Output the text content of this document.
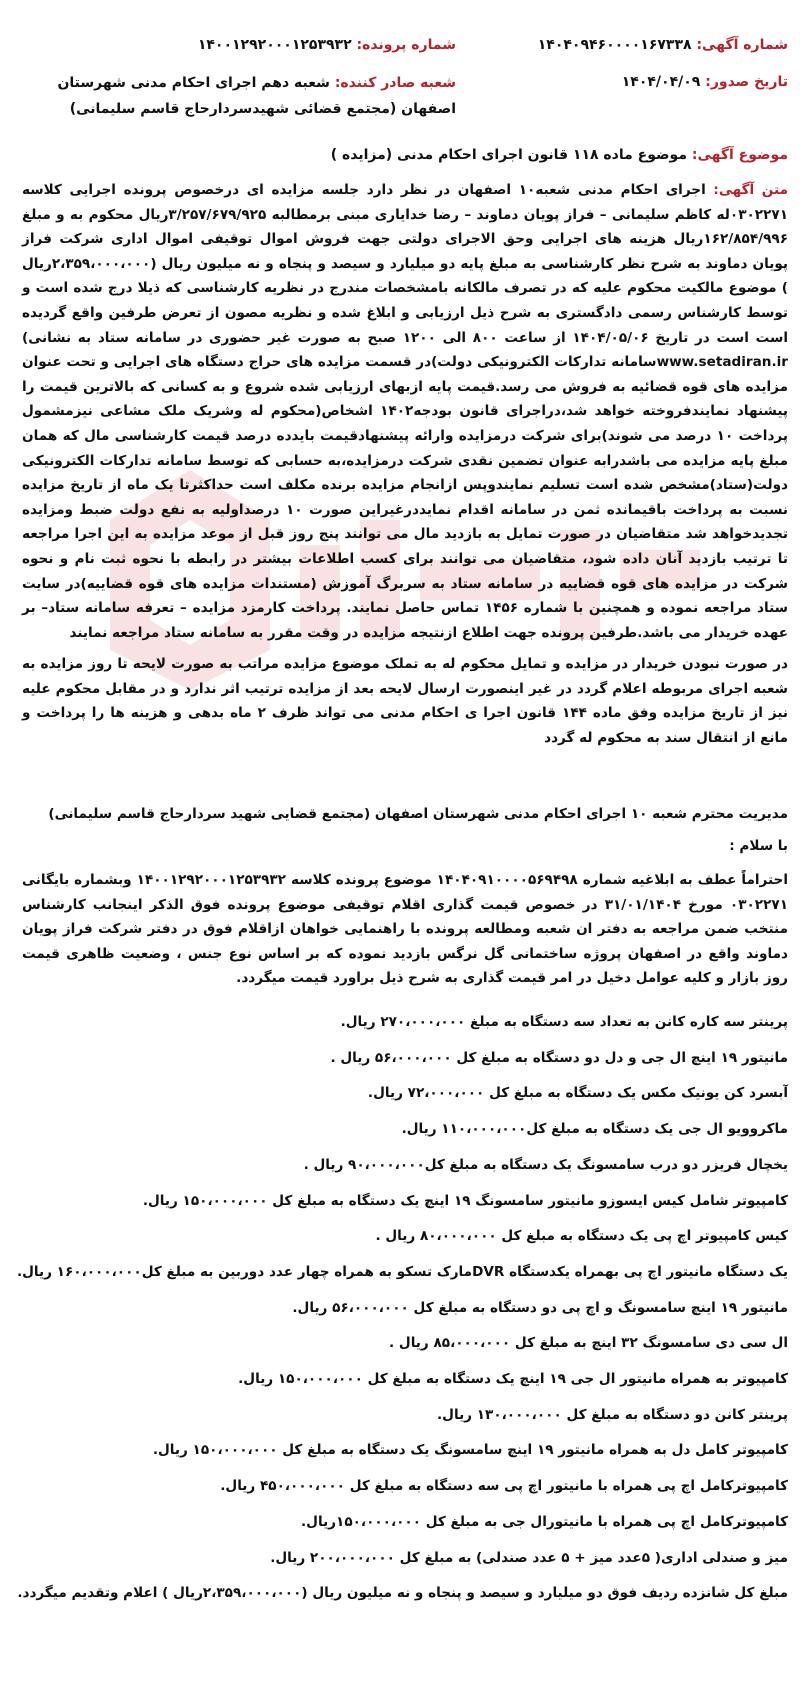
شماره آگهی: ۱۴۰۴۰۹۴۶۰۰۰۰۱۶۷۳۳۸
شماره پرونده: ۱۴۰۰۱۲۹۲۰۰۰۱۲۵۳۹۳۲
تاریخ صدور: ۱۴۰۴/۰۴/۰۹
شعبه صادر کننده: شعبه دهم اجرای احکام مدنی شهرستان اصفهان (مجتمع قضائی شهیدسردارحاج قاسم سلیمانی)
موضوع آگهی: موضوع ماده ۱۱۸ قانون اجرای احکام مدنی (مزایده )
متن آگهی: اجرای احکام مدنی شعبه۱۰ اصفهان در نظر دارد جلسه مزایده ای درخصوص پرونده اجرایی کلاسه ۰۳۰۲۲۷۱له کاظم سلیمانی – فراز پویان دماوند – رضا خدایاری مبنی برمطالبه ۳/۲۵۷/۶۷۹/۹۲۵ریال محکوم به و مبلغ ۱۶۲/۸۵۴/۹۹۶ریال هزینه های اجرایی وحق الاجرای دولتی جهت فروش اموال توقیفی اموال اداری شرکت فراز پویان دماوند به شرح نظر کارشناسی به مبلغ پایه دو میلیارد و سیصد و پنجاه و نه میلیون ریال (۲،۳۵۹،۰۰۰،۰۰۰ریال ) موضوع مالکیت محکوم علیه که در تصرف مالکانه بامشخصات مندرج در نظریه کارشناسی که ذیلا درج شده است و توسط کارشناس رسمی دادگستری به شرح ذیل ارزیابی و ابلاغ شده و نظریه مصون از تعرض طرفین واقع گردیده است است در تاریخ ۱۴۰۴/۰۵/۰۶ از ساعت ۸۰۰ الی ۱۲۰۰ صبح به صورت غیر حضوری در سامانه ستاد به نشانی) www.setadiran.irسامانه تدارکات الکترونیکی دولت)در قسمت مزایده های حراج دستگاه های اجرایی و تحت عنوان مزایده های قوه قضائیه به فروش می رسد.قیمت پایه ازبهای ارزیابی شده شروع و به کسانی که بالاترین قیمت را پیشنهاد نمایندفروخته خواهد شد،دراجرای قانون بودجه۱۴۰۲ اشخاص(محکوم له وشریک ملک مشاعی نیزمشمول پرداخت ۱۰ درصد می شوند)برای شرکت درمزایده وارائه پیشنهادقیمت بایدده درصد قیمت کارشناسی مال که همان مبلغ پایه مزایده می باشدرابه عنوان تضمین نقدی شرکت درمزایده،به حسابی که توسط سامانه تدارکات الکترونیکی دولت(ستاد)مشخص شده است تسلیم نمایندوپس ازانجام مزایده برنده مکلف است حداکثرتا یک ماه از تاریخ مزایده نسبت به پرداخت باقیمانده ثمن در سامانه اقدام نمایددرغیراین صورت ۱۰ درصداولیه به نفع دولت ضبط ومزایده تجدیدخواهد شد متقاضیان در صورت تمایل به بازدید مال می توانند پنج روز قبل از موعد مزایده به این اجرا مراجعه تا ترتیب بازدید آنان داده شود، متقاضیان می توانند برای کسب اطلاعات بیشتر در رابطه با نحوه ثبت نام و نحوه شرکت در مزایده های قوه قضاییه در سامانه ستاد به سربرگ آموزش (مستندات مزایده های قوه قضاییه)در سایت ستاد مراجعه نموده و همچنین با شماره ۱۴۵۶ تماس حاصل نمایند. پرداخت کارمزد مزایده – تعرفه سامانه ستاد– بر عهده خریدار می باشد.طرفین پرونده جهت اطلاع ازنتیجه مزایده در وقت مقرر به سامانه ستاد مراجعه نمایند
در صورت نبودن خریدار در مزایده و تمایل محکوم له به تملک موضوع مزایده مراتب به صورت لایحه تا روز مزایده به شعبه اجرای مربوطه اعلام گردد در غیر اینصورت ارسال لایحه بعد از مزایده ترتیب اثر ندارد و در مقابل محکوم علیه نیز از تاریخ مزایده وفق ماده ۱۴۴ قانون اجرا ی احکام مدنی می تواند ظرف ۲ ماه بدهی و هزینه ها را پرداخت و مانع از انتقال سند به محکوم له گردد
مدیریت محترم شعبه ۱۰ اجرای احکام مدنی شهرستان اصفهان (مجتمع قضایی شهید سردارحاج قاسم سلیمانی)
با سلام :
احتراماً عطف به ابلاغیه شماره ۱۴۰۴۰۹۱۰۰۰۰۵۶۹۴۹۸ موضوع پرونده کلاسه ۱۴۰۰۱۲۹۲۰۰۰۱۲۵۳۹۳۲ وبشماره بایگانی ۰۳۰۲۲۷۱ مورخ ۳۱/۰۱/۱۴۰۴ در خصوص قیمت گذاری اقلام توقیفی موضوع پرونده فوق الذکر اینجانب کارشناس منتخب ضمن مراجعه به دفتر ان شعبه ومطالعه پرونده با راهنمایی خواهان ازاقلام فوق در دفتر شرکت فراز پویان دماوند واقع در اصفهان پروژه ساختمانی گل نرگس بازدید نموده که بر اساس نوع جنس ، وضعیت ظاهری قیمت روز بازار و کلیه عوامل دخیل در امر قیمت گذاری به شرح ذیل براورد قیمت میگردد.
پرینتر سه کاره کانن به تعداد سه دستگاه به مبلغ ۲۷۰،۰۰۰،۰۰۰ ریال.
مانیتور ۱۹ اینچ ال جی و دل دو دستگاه به مبلغ کل ۵۶،۰۰۰،۰۰۰ ریال .
آبسرد کن یونیک مکس یک دستگاه به مبلغ کل ۷۲،۰۰۰،۰۰۰ ریال.
ماکروویو ال جی یک دستگاه به مبلغ کل۱۱۰،۰۰۰،۰۰۰ ریال.
یخچال فریزر دو درب سامسونگ یک دستگاه به مبلغ کل۹۰،۰۰۰،۰۰۰ ریال .
کامپیوتر شامل کیس ایسوزو مانیتور سامسونگ ۱۹ اینچ یک دستگاه به مبلغ کل ۱۵۰،۰۰۰،۰۰۰ ریال.
کیس کامپیوتر اچ پی یک دستگاه به مبلغ کل ۸۰،۰۰۰،۰۰۰ ریال .
یک دستگاه مانیتور اچ پی بهمراه یکدستگاه DVRمارک تسکو به همراه چهار عدد دوربین به مبلغ کل۱۶۰،۰۰۰،۰۰۰ ریال.
مانیتور ۱۹ اینچ سامسونگ و اچ پی دو دستگاه به مبلغ کل ۵۶،۰۰۰،۰۰۰ ریال.
ال سی دی سامسونگ ۳۲ اینچ به مبلغ کل ۸۵،۰۰۰،۰۰۰ ریال .
کامپیوتر به همراه مانیتور ال جی ۱۹ اینچ یک دستگاه به مبلغ کل ۱۵۰،۰۰۰،۰۰۰ ریال.
پرینتر کانن دو دستگاه به مبلغ کل ۱۳۰،۰۰۰،۰۰۰ ریال.
کامپیوتر کامل دل به همراه مانیتور ۱۹ اینچ سامسونگ یک دستگاه به مبلغ کل ۱۵۰،۰۰۰،۰۰۰ ریال.
کامپیوترکامل اچ پی همراه با مانیتور اچ پی سه دستگاه به مبلغ کل ۴۵۰،۰۰۰،۰۰۰ ریال.
کامپیوترکامل اچ پی همراه با مانیتورال جی به مبلغ کل ۱۵۰،۰۰۰،۰۰۰ریال.
میز و صندلی اداری( ۵عدد میز + ۵ عدد صندلی) به مبلغ کل ۲۰۰،۰۰۰،۰۰۰ ریال.
مبلغ کل شانزده ردیف فوق دو میلیارد و سیصد و پنجاه و نه میلیون ریال (۲،۳۵۹،۰۰۰،۰۰۰ریال ) اعلام وتقدیم میگردد.
